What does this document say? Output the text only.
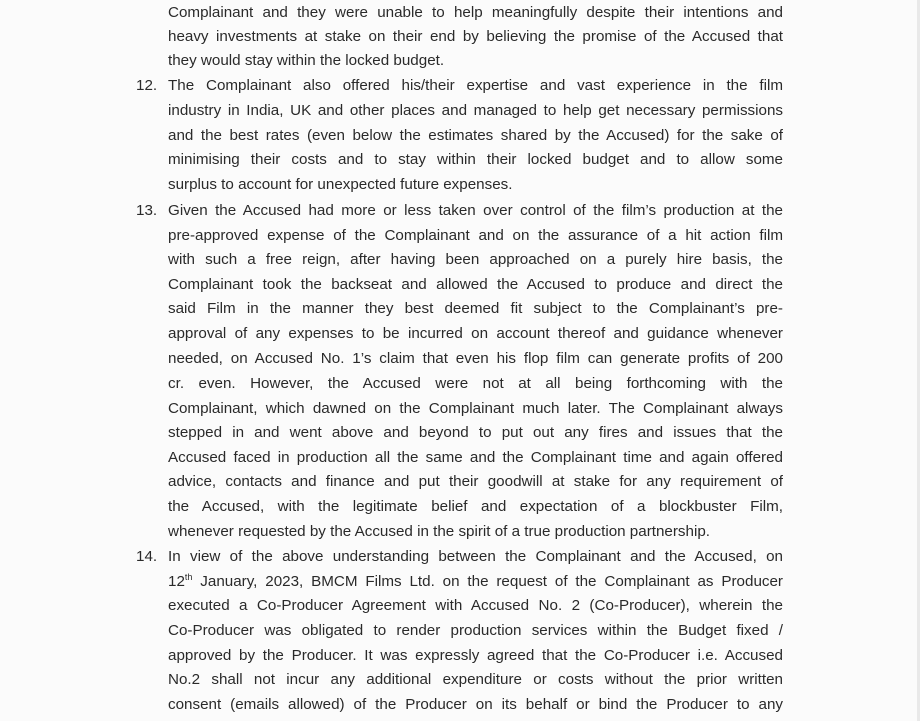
Complainant and they were unable to help meaningfully despite their intentions and
heavy investments at stake on their end by believing the promise of the Accused that
they would stay within the locked budget.
12. The Complainant also offered his/their expertise and vast experience in the film
industry in India, UK and other places and managed to help get necessary permissions
and the best rates (even below the estimates shared by the Accused) for the sake of
minimising their costs and to stay within their locked budget and to allow some
surplus to account for unexpected future expenses.
13. Given the Accused had more or less taken over control of the film’s production at the
pre-approved expense of the Complainant and on the assurance of a hit action film
with such a free reign, after having been approached on a purely hire basis, the
Complainant took the backseat and allowed the Accused to produce and direct the
said Film in the manner they best deemed fit subject to the Complainant’s pre-
approval of any expenses to be incurred on account thereof and guidance whenever
needed, on Accused No. 1’s claim that even his flop film can generate profits of 200
cr. even. However, the Accused were not at all being forthcoming with the
Complainant, which dawned on the Complainant much later. The Complainant always
stepped in and went above and beyond to put out any fires and issues that the
Accused faced in production all the same and the Complainant time and again offered
advice, contacts and finance and put their goodwill at stake for any requirement of
the Accused, with the legitimate belief and expectation of a blockbuster Film,
whenever requested by the Accused in the spirit of a true production partnership.
14. In view of the above understanding between the Complainant and the Accused, on
12th January, 2023, BMCM Films Ltd. on the request of the Complainant as Producer
executed a Co-Producer Agreement with Accused No. 2 (Co-Producer), wherein the
Co-Producer was obligated to render production services within the Budget fixed /
approved by the Producer. It was expressly agreed that the Co-Producer i.e. Accused
No.2 shall not incur any additional expenditure or costs without the prior written
consent (emails allowed) of the Producer on its behalf or bind the Producer to any
